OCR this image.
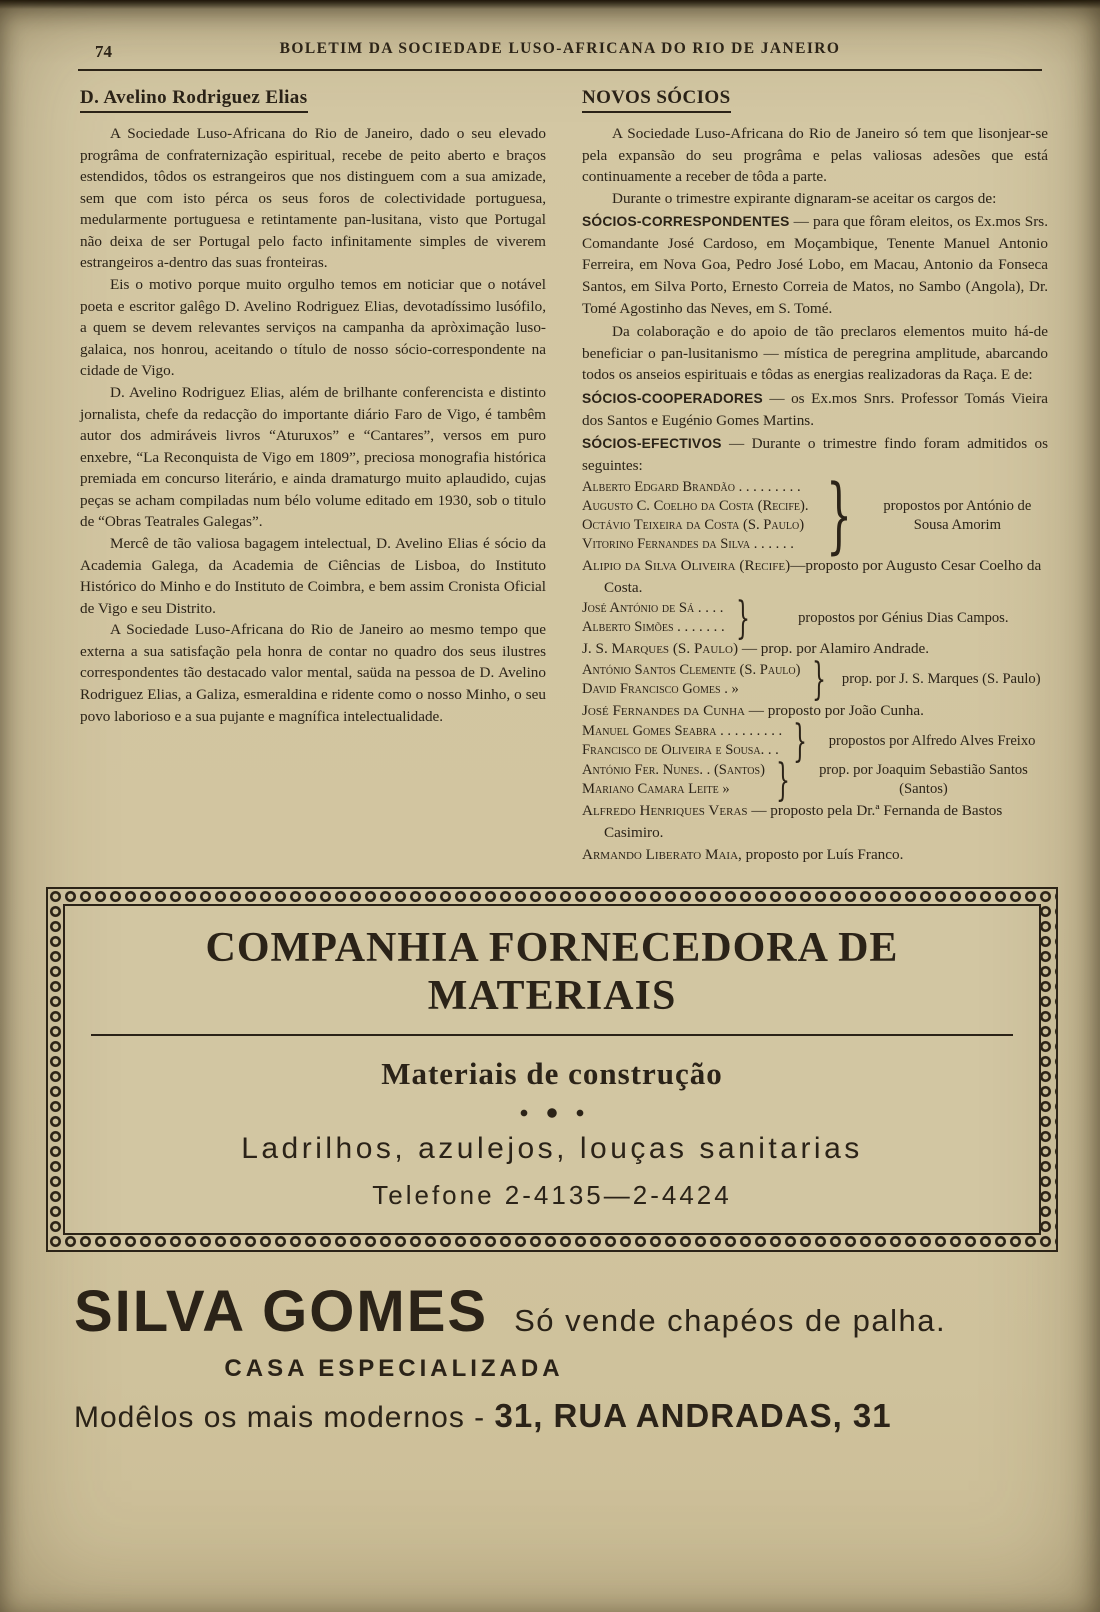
74	BOLETIM DA SOCIEDADE LUSO-AFRICANA DO RIO DE JANEIRO
D. Avelino Rodriguez Elias

A Sociedade Luso-Africana do Rio de Janeiro, dado o seu elevado progrâma de confraternização espiritual, recebe de peito aberto e braços estendidos, tôdos os estrangeiros que nos distinguem com a sua amizade, sem que com isto pérca os seus foros de colectividade portuguesa, medularmente portuguesa e retintamente pan-lusitana, visto que Portugal não deixa de ser Portugal pelo facto infinitamente simples de viverem estrangeiros a-dentro das suas fronteiras.

Eis o motivo porque muito orgulho temos em noticiar que o notável poeta e escritor galêgo D. Avelino Rodriguez Elias, devotadíssimo lusófilo, a quem se devem relevantes serviços na campanha da apròximação luso-galaica, nos honrou, aceitando o título de nosso sócio-correspondente na cidade de Vigo.

D. Avelino Rodriguez Elias, além de brilhante conferencista e distinto jornalista, chefe da redacção do importante diário Faro de Vigo, é tambêm autor dos admiráveis livros “Aturuxos” e “Cantares”, versos em puro enxebre, “La Reconquista de Vigo em 1809”, preciosa monografia histórica premiada em concurso literário, e ainda dramaturgo muito aplaudido, cujas peças se acham compiladas num bélo volume editado em 1930, sob o titulo de “Obras Teatrales Galegas”.

Mercê de tão valiosa bagagem intelectual, D. Avelino Elias é sócio da Academia Galega, da Academia de Ciências de Lisboa, do Instituto Histórico do Minho e do Instituto de Coimbra, e bem assim Cronista Oficial de Vigo e seu Distrito.

A Sociedade Luso-Africana do Rio de Janeiro ao mesmo tempo que externa a sua satisfação pela honra de contar no quadro dos seus ilustres correspondentes tão destacado valor mental, saüda na pessoa de D. Avelino Rodriguez Elias, a Galiza, esmeraldina e ridente como o nosso Minho, o seu povo laborioso e a sua pujante e magnífica intelectualidade.

NOVOS SÓCIOS

A Sociedade Luso-Africana do Rio de Janeiro só tem que lisonjear-se pela expansão do seu progrâma e pelas valiosas adesões que está continuamente a receber de tôda a parte.

Durante o trimestre expirante dignaram-se aceitar os cargos de:

SÓCIOS-CORRESPONDENTES — para que fôram eleitos, os Ex.mos Srs. Comandante José Cardoso, em Moçambique, Tenente Manuel Antonio Ferreira, em Nova Goa, Pedro José Lobo, em Macau, Antonio da Fonseca Santos, em Silva Porto, Ernesto Correia de Matos, no Sambo (Angola), Dr. Tomé Agostinho das Neves, em S. Tomé.

Da colaboração e do apoio de tão preclaros elementos muito há-de beneficiar o pan-lusitanismo — mística de peregrina amplitude, abarcando todos os anseios espirituais e tôdas as energias realizadoras da Raça. E de:

SÓCIOS-COOPERADORES — os Ex.mos Snrs. Professor Tomás Vieira dos Santos e Eugénio Gomes Martins.

SÓCIOS-EFECTIVOS — Durante o trimestre findo foram admitidos os seguintes:

Alberto Edgard Brandão . . . . . . . . .
Augusto C. Coelho da Costa (Recife).
Octávio Teixeira da Costa (S. Paulo)
Vitorino Fernandes da Silva . . . . . . }	propostos por António de Sousa Amorim

Alipio da Silva Oliveira (Recife)—proposto por Augusto Cesar Coelho da Costa.

José António de Sá . . . .
Alberto Simões . . . . . . . }	propostos por Génius Dias Campos.

J. S. Marques (S. Paulo) — prop. por Alamiro Andrade.

António Santos Clemente (S. Paulo)
David Francisco Gomes . »	}	prop. por J. S. Marques (S. Paulo)

José Fernandes da Cunha — proposto por João Cunha.

Manuel Gomes Seabra . . . . . . . . .
Francisco de Oliveira e Sousa. . . }	propostos por Alfredo Alves Freixo
António Fer. Nunes. . (Santos)
Mariano Camara Leite »	}	prop. por Joaquim Sebastião Santos (Santos)

Alfredo Henriques Veras — proposto pela Dr.ª Fernanda de Bastos Casimiro.

Armando Liberato Maia, proposto por Luís Franco.

COMPANHIA FORNECEDORA DE MATERIAIS
Materiais de construção
Ladrilhos, azulejos, louças sanitarias
Telefone 2-4135—2-4424
SILVA GOMES Só vende chapéos de palha.
CASA ESPECIALIZADA
Modêlos os mais modernos - 31, RUA ANDRADAS, 31
